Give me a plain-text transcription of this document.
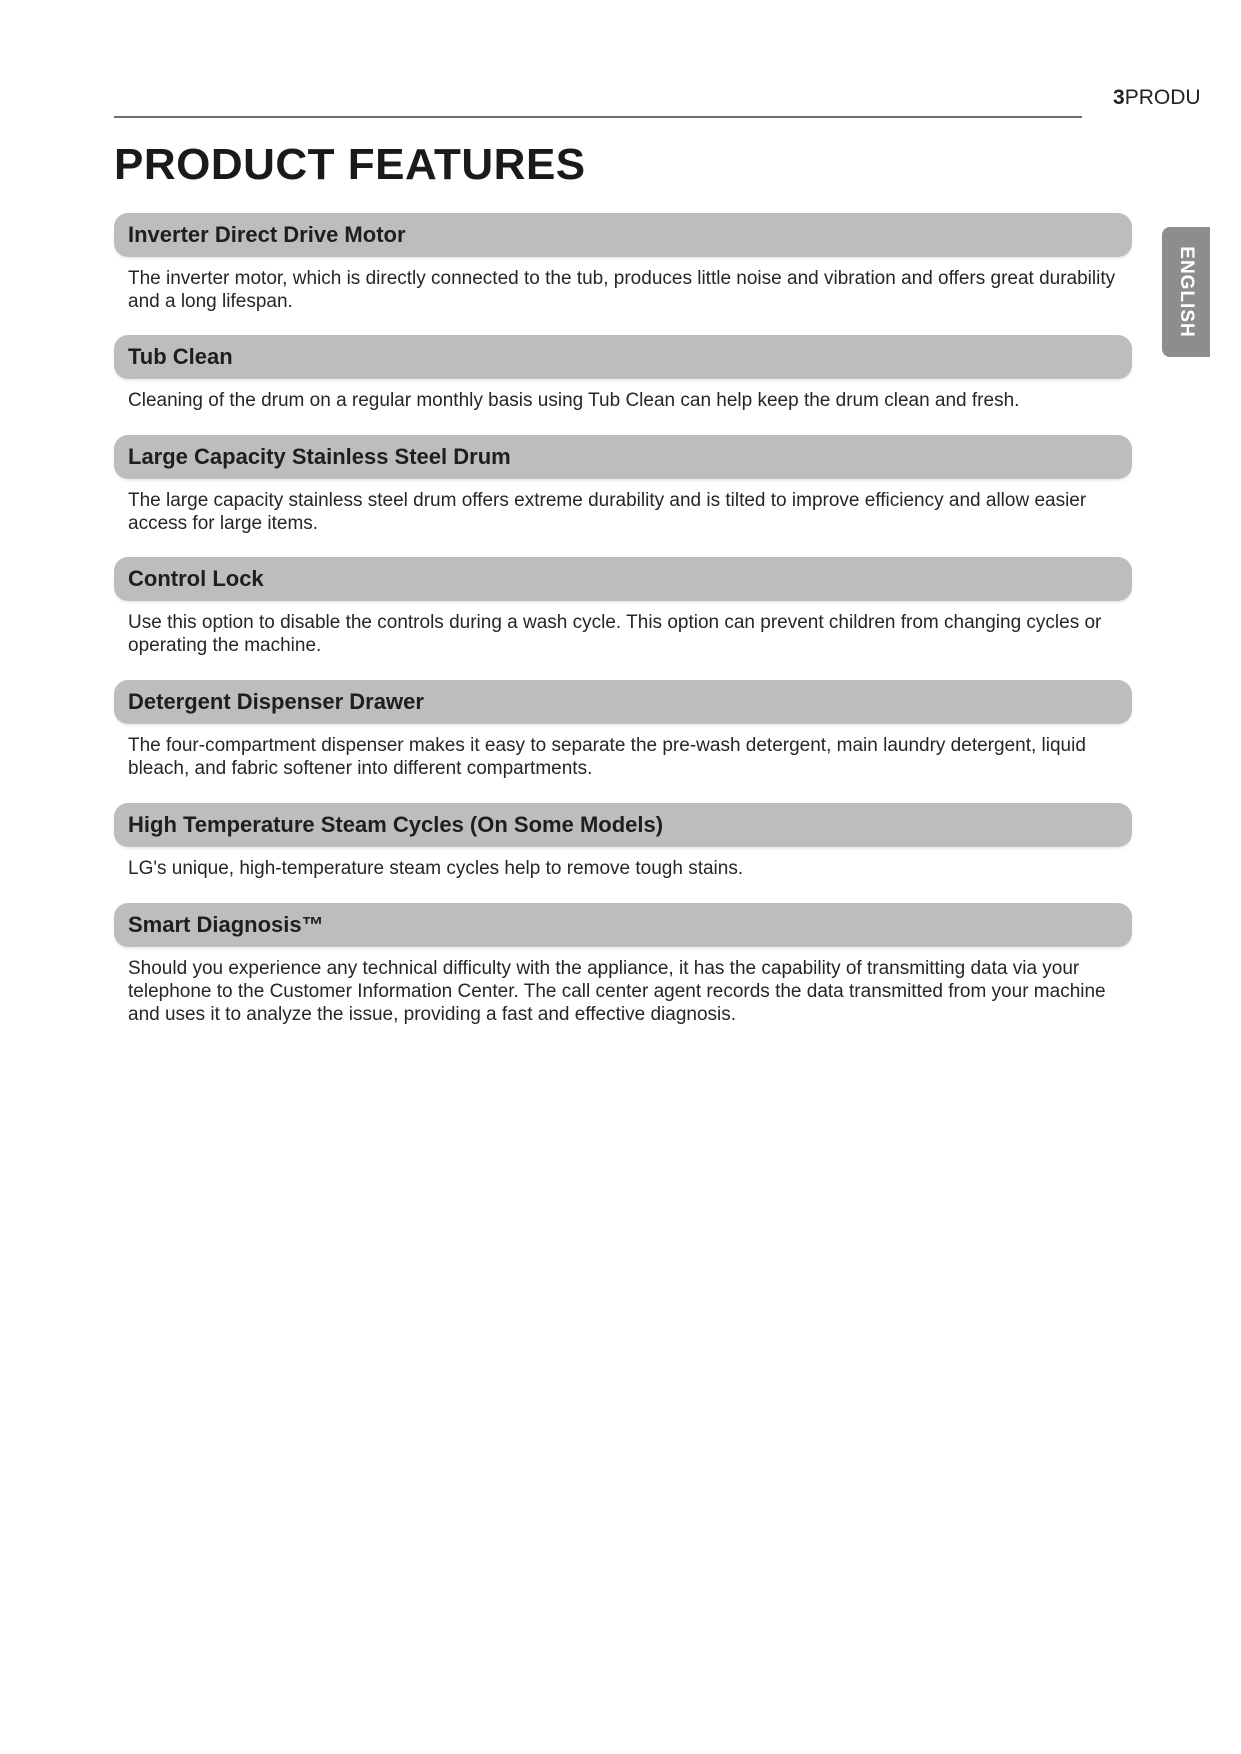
3PRODU
PRODUCT FEATURES
ENGLISH
Inverter Direct Drive Motor
The inverter motor, which is directly connected to the tub, produces little noise and vibration and offers great durability and a long lifespan.
Tub Clean
Cleaning of the drum on a regular monthly basis using Tub Clean can help keep the drum clean and fresh.
Large Capacity Stainless Steel Drum
The large capacity stainless steel drum offers extreme durability and is tilted to improve efficiency and allow easier access for large items.
Control Lock
Use this option to disable the controls during a wash cycle. This option can prevent children from changing cycles or operating the machine.
Detergent Dispenser Drawer
The four-compartment dispenser makes it easy to separate the pre-wash detergent, main laundry detergent, liquid bleach, and fabric softener into different compartments.
High Temperature Steam Cycles (On Some Models)
LG's unique, high-temperature steam cycles help to remove tough stains.
Smart Diagnosis™
Should you experience any technical difficulty with the appliance, it has the capability of transmitting data via your telephone to the Customer Information Center. The call center agent records the data transmitted from your machine and uses it to analyze the issue, providing a fast and effective diagnosis.
